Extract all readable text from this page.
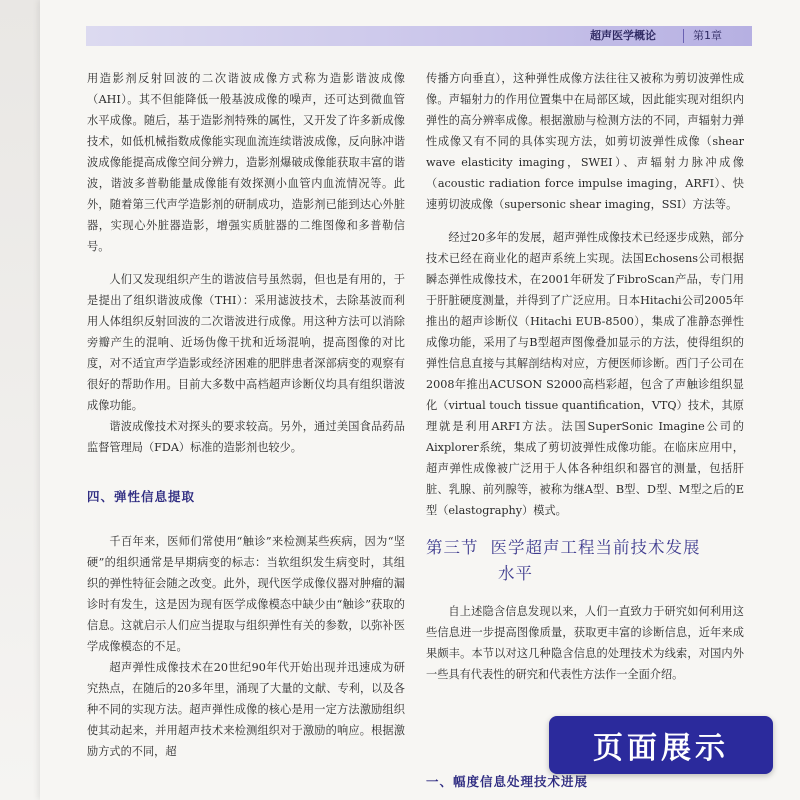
超声医学概论	第1章

用造影剂反射回波的二次谐波成像方式称为造影谐波成像（AHI）。其不但能降低一般基波成像的噪声，还可达到微血管水平成像。随后，基于造影剂特殊的属性，又开发了许多新成像技术，如低机械指数成像能实现血流连续谐波成像，反向脉冲谐波成像能提高成像空间分辨力，造影剂爆破成像能获取丰富的谐波，谐波多普勒能量成像能有效探测小血管内血流情况等。此外，随着第三代声学造影剂的研制成功，造影剂已能到达心外脏器，实现心外脏器造影，增强实质脏器的二维图像和多普勒信号。

人们又发现组织产生的谐波信号虽然弱，但也是有用的，于是提出了组织谐波成像（THI）：采用滤波技术，去除基波而利用人体组织反射回波的二次谐波进行成像。用这种方法可以消除旁瓣产生的混响、近场伪像干扰和近场混响，提高图像的对比度，对不适宜声学造影或经济困难的肥胖患者深部病变的观察有很好的帮助作用。目前大多数中高档超声诊断仪均具有组织谐波成像功能。

谐波成像技术对探头的要求较高。另外，通过美国食品药品监督管理局（FDA）标准的造影剂也较少。

四、弹性信息提取

千百年来，医师们常使用“触诊”来检测某些疾病，因为“坚硬”的组织通常是早期病变的标志：当软组织发生病变时，其组织的弹性特征会随之改变。此外，现代医学成像仪器对肿瘤的漏诊时有发生，这是因为现有医学成像模态中缺少由“触诊”获取的信息。这就启示人们应当提取与组织弹性有关的参数，以弥补医学成像模态的不足。

超声弹性成像技术在20世纪90年代开始出现并迅速成为研究热点，在随后的20多年里，涌现了大量的文献、专利，以及各种不同的实现方法。超声弹性成像的核心是用一定方法激励组织使其动起来，并用超声技术来检测组织对于激励的响应。根据激励方式的不同，超

传播方向垂直），这种弹性成像方法往往又被称为剪切波弹性成像。声辐射力的作用位置集中在局部区域，因此能实现对组织内弹性的高分辨率成像。根据激励与检测方法的不同，声辐射力弹性成像又有不同的具体实现方法，如剪切波弹性成像（shear wave elasticity imaging，SWEI）、声辐射力脉冲成像（acoustic radiation force impulse imaging，ARFI）、快速剪切波成像（supersonic shear imaging，SSI）方法等。

经过20多年的发展，超声弹性成像技术已经逐步成熟，部分技术已经在商业化的超声系统上实现。法国Echosens公司根据瞬态弹性成像技术，在2001年研发了FibroScan产品，专门用于肝脏硬度测量，并得到了广泛应用。日本Hitachi公司2005年推出的超声诊断仪（Hitachi EUB-8500），集成了准静态弹性成像功能，采用了与B型超声图像叠加显示的方法，使得组织的弹性信息直接与其解剖结构对应，方便医师诊断。西门子公司在2008年推出ACUSON S2000高档彩超，包含了声触诊组织显化（virtual touch tissue quantification，VTQ）技术，其原理就是利用ARFI方法。法国SuperSonic Imagine公司的Aixplorer系统，集成了剪切波弹性成像功能。在临床应用中，超声弹性成像被广泛用于人体各种组织和器官的测量，包括肝脏、乳腺、前列腺等，被称为继A型、B型、D型、M型之后的E型（elastography）模式。

第三节 医学超声工程当前技术发展
水平

自上述隐含信息发现以来，人们一直致力于研究如何利用这些信息进一步提高图像质量，获取更丰富的诊断信息，近年来成果颇丰。本节以对这几种隐含信息的处理技术为线索，对国内外一些具有代表性的研究和代表性方法作一全面介绍。

一、幅度信息处理技术进展
页面展示
